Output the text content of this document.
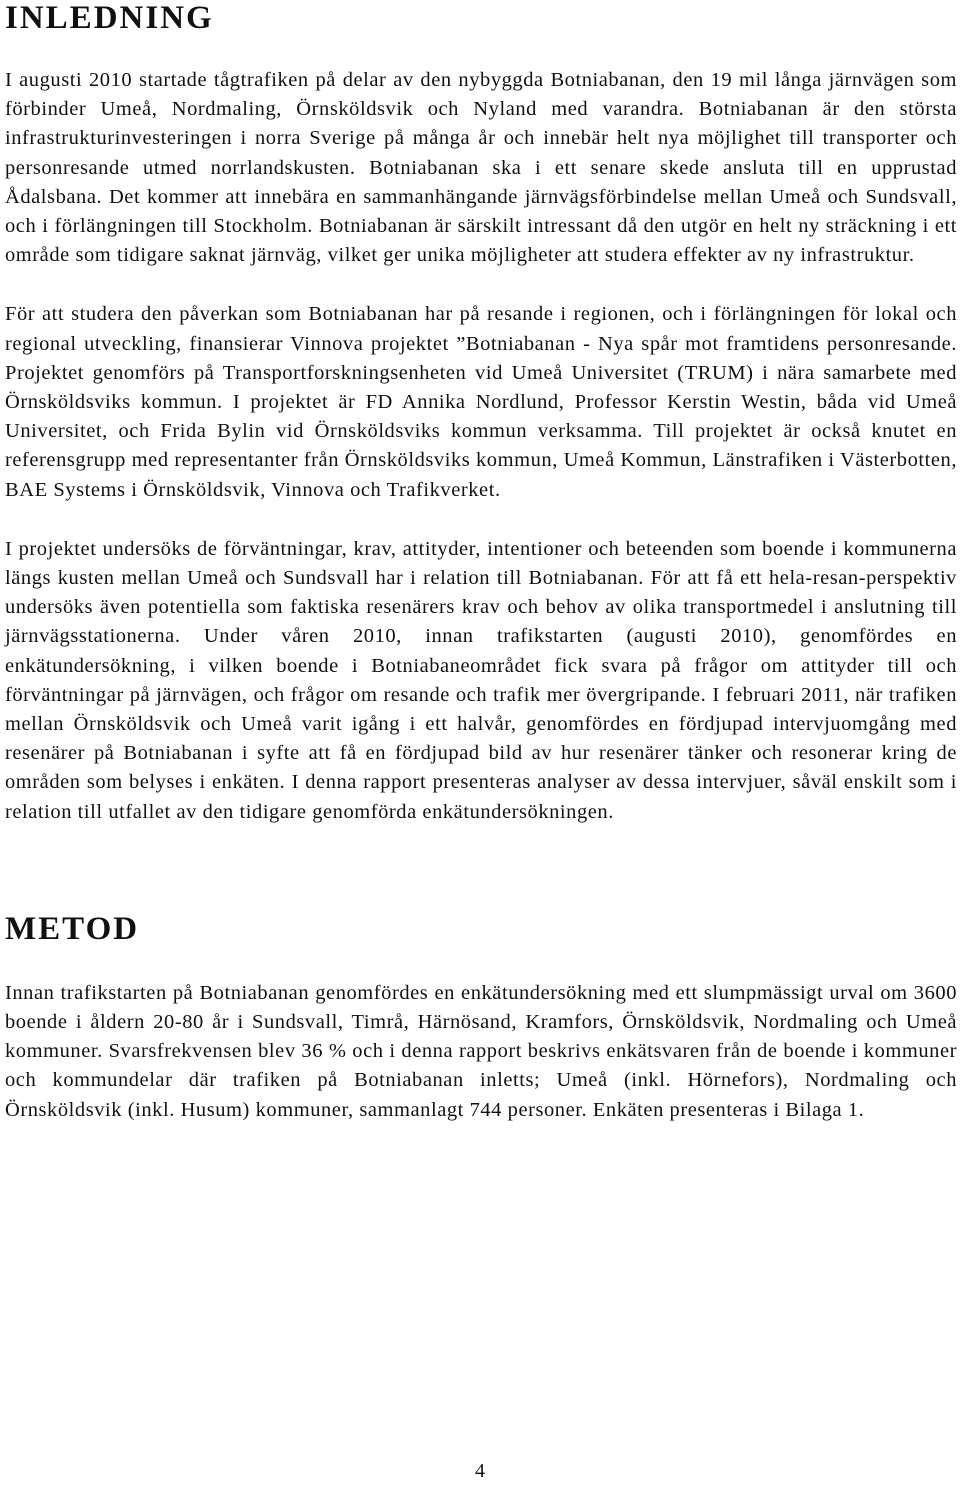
INLEDNING

I augusti 2010 startade tågtrafiken på delar av den nybyggda Botniabanan, den 19 mil långa järnvägen som förbinder Umeå, Nordmaling, Örnsköldsvik och Nyland med varandra. Botniabanan är den största infrastrukturinvesteringen i norra Sverige på många år och innebär helt nya möjlighet till transporter och personresande utmed norrlandskusten. Botniabanan ska i ett senare skede ansluta till en upprustad Ådalsbana. Det kommer att innebära en sammanhängande järnvägsförbindelse mellan Umeå och Sundsvall, och i förlängningen till Stockholm. Botniabanan är särskilt intressant då den utgör en helt ny sträckning i ett område som tidigare saknat järnväg, vilket ger unika möjligheter att studera effekter av ny infrastruktur.

För att studera den påverkan som Botniabanan har på resande i regionen, och i förlängningen för lokal och regional utveckling, finansierar Vinnova projektet ”Botniabanan - Nya spår mot framtidens personresande. Projektet genomförs på Transportforskningsenheten vid Umeå Universitet (TRUM) i nära samarbete med Örnsköldsviks kommun. I projektet är FD Annika Nordlund, Professor Kerstin Westin, båda vid Umeå Universitet, och Frida Bylin vid Örnsköldsviks kommun verksamma. Till projektet är också knutet en referensgrupp med representanter från Örnsköldsviks kommun, Umeå Kommun, Länstrafiken i Västerbotten, BAE Systems i Örnsköldsvik, Vinnova och Trafikverket.

I projektet undersöks de förväntningar, krav, attityder, intentioner och beteenden som boende i kommunerna längs kusten mellan Umeå och Sundsvall har i relation till Botniabanan. För att få ett hela-resan-perspektiv undersöks även potentiella som faktiska resenärers krav och behov av olika transportmedel i anslutning till järnvägsstationerna. Under våren 2010, innan trafikstarten (augusti 2010), genomfördes en enkätundersökning, i vilken boende i Botniabaneområdet fick svara på frågor om attityder till och förväntningar på järnvägen, och frågor om resande och trafik mer övergripande. I februari 2011, när trafiken mellan Örnsköldsvik och Umeå varit igång i ett halvår, genomfördes en fördjupad intervjuomgång med resenärer på Botniabanan i syfte att få en fördjupad bild av hur resenärer tänker och resonerar kring de områden som belyses i enkäten. I denna rapport presenteras analyser av dessa intervjuer, såväl enskilt som i relation till utfallet av den tidigare genomförda enkätundersökningen.

METOD

Innan trafikstarten på Botniabanan genomfördes en enkätundersökning med ett slumpmässigt urval om 3600 boende i åldern 20-80 år i Sundsvall, Timrå, Härnösand, Kramfors, Örnsköldsvik, Nordmaling och Umeå kommuner. Svarsfrekvensen blev 36 % och i denna rapport beskrivs enkätsvaren från de boende i kommuner och kommundelar där trafiken på Botniabanan inletts; Umeå (inkl. Hörnefors), Nordmaling och Örnsköldsvik (inkl. Husum) kommuner, sammanlagt 744 personer. Enkäten presenteras i Bilaga 1.

4
